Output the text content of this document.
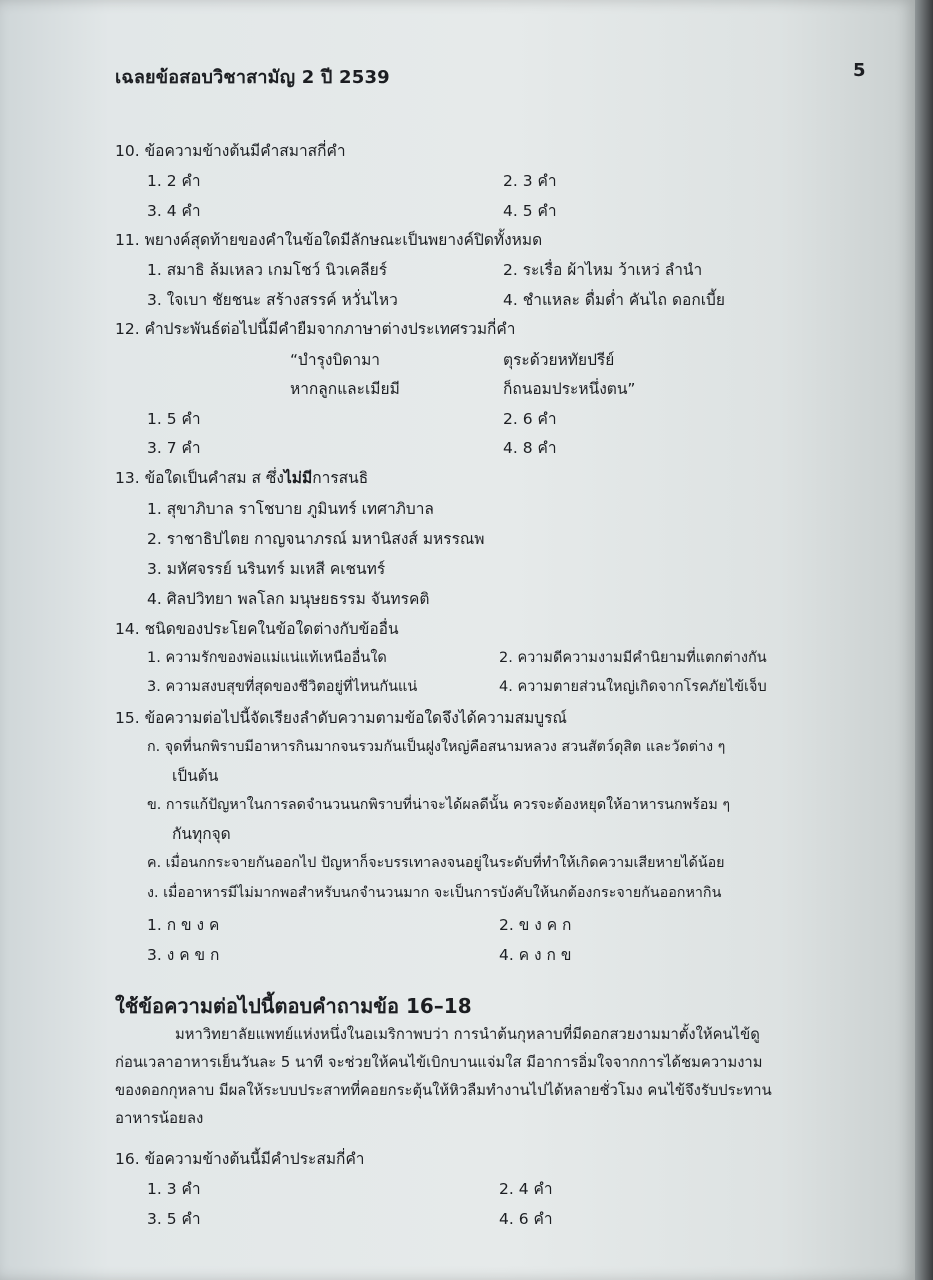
เฉลยข้อสอบวิชาสามัญ 2 ปี 2539	5
10. ข้อความข้างต้นมีคำสมาสกี่คำ
1. 2 คำ	2. 3 คำ
3. 4 คำ	4. 5 คำ
11. พยางค์สุดท้ายของคำในข้อใดมีลักษณะเป็นพยางค์ปิดทั้งหมด
1. สมาธิ ล้มเหลว เกมโชว์ นิวเคลียร์	2. ระเรื่อ ผ้าไหม ว้าเหว่ ลำนำ
3. ใจเบา ชัยชนะ สร้างสรรค์ หวั่นไหว	4. ชำแหละ ดื่มด่ำ คันไถ ดอกเบี้ย
12. คำประพันธ์ต่อไปนี้มีคำยืมจากภาษาต่างประเทศรวมกี่คำ
“บำรุงบิดามา	ตุระด้วยหทัยปรีย์
หากลูกและเมียมี	ก็ถนอมประหนึ่งตน”
1. 5 คำ	2. 6 คำ
3. 7 คำ	4. 8 คำ
13. ข้อใดเป็นคำสม ส ซึ่งไม่มีการสนธิ
1. สุขาภิบาล ราโชบาย ภูมินทร์ เทศาภิบาล
2. ราชาธิปไตย กาญจนาภรณ์ มหานิสงส์ มหรรณพ
3. มหัศจรรย์ นรินทร์ มเหสี คเชนทร์
4. ศิลปวิทยา พลโลก มนุษยธรรม จันทรคติ
14. ชนิดของประโยคในข้อใดต่างกับข้ออื่น
1. ความรักของพ่อแม่แน่แท้เหนืออื่นใด	2. ความดีความงามมีคำนิยามที่แตกต่างกัน
3. ความสงบสุขที่สุดของชีวิตอยู่ที่ไหนกันแน่	4. ความตายส่วนใหญ่เกิดจากโรคภัยไข้เจ็บ
15. ข้อความต่อไปนี้จัดเรียงลำดับความตามข้อใดจึงได้ความสมบูรณ์
ก. จุดที่นกพิราบมีอาหารกินมากจนรวมกันเป็นฝูงใหญ่คือสนามหลวง สวนสัตว์ดุสิต และวัดต่าง ๆ
เป็นต้น
ข. การแก้ปัญหาในการลดจำนวนนกพิราบที่น่าจะได้ผลดีนั้น ควรจะต้องหยุดให้อาหารนกพร้อม ๆ
กันทุกจุด
ค. เมื่อนกกระจายกันออกไป ปัญหาก็จะบรรเทาลงจนอยู่ในระดับที่ทำให้เกิดความเสียหายได้น้อย
ง. เมื่ออาหารมีไม่มากพอสำหรับนกจำนวนมาก จะเป็นการบังคับให้นกต้องกระจายกันออกหากิน
1. ก ข ง ค	2. ข ง ค ก
3. ง ค ข ก	4. ค ง ก ข
ใช้ข้อความต่อไปนี้ตอบคำถามข้อ 16–18
มหาวิทยาลัยแพทย์แห่งหนึ่งในอเมริกาพบว่า การนำต้นกุหลาบที่มีดอกสวยงามมาตั้งให้คนไข้ดู
ก่อนเวลาอาหารเย็นวันละ 5 นาที จะช่วยให้คนไข้เบิกบานแจ่มใส มีอาการอิ่มใจจากการได้ชมความงาม
ของดอกกุหลาบ มีผลให้ระบบประสาทที่คอยกระตุ้นให้หิวลืมทำงานไปได้หลายชั่วโมง คนไข้จึงรับประทาน
อาหารน้อยลง
16. ข้อความข้างต้นนี้มีคำประสมกี่คำ
1. 3 คำ	2. 4 คำ
3. 5 คำ	4. 6 คำ
